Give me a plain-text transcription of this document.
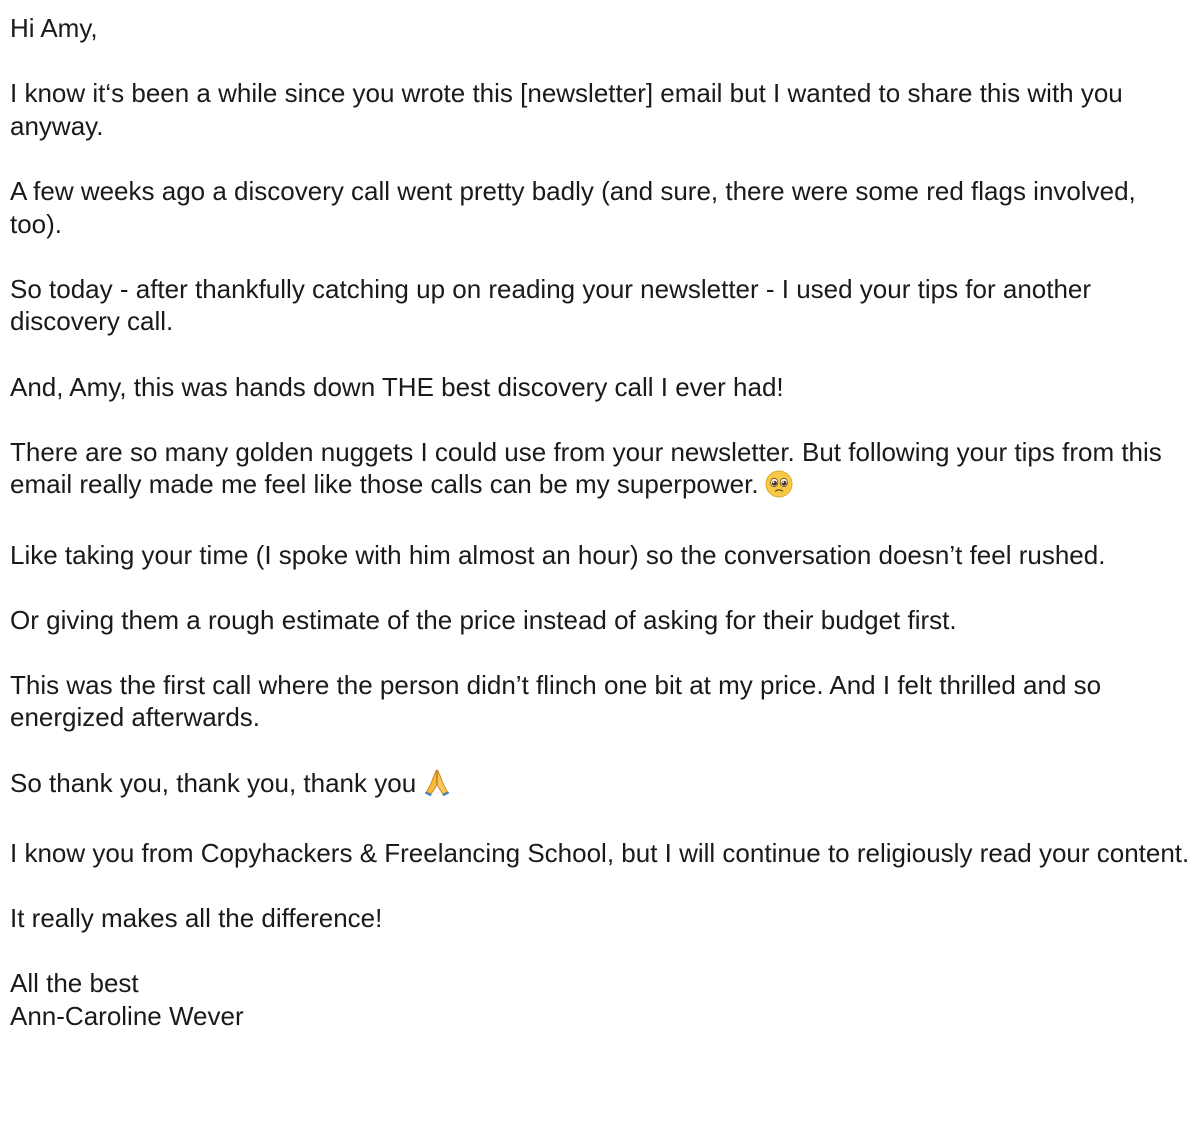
Hi Amy,

I know it‘s been a while since you wrote this [newsletter] email but I wanted to share this with you anyway.

A few weeks ago a discovery call went pretty badly (and sure, there were some red flags involved, too).

So today - after thankfully catching up on reading your newsletter - I used your tips for another discovery call.

And, Amy, this was hands down THE best discovery call I ever had!

There are so many golden nuggets I could use from your newsletter. But following your tips from this email really made me feel like those calls can be my superpower.

Like taking your time (I spoke with him almost an hour) so the conversation doesn’t feel rushed.

Or giving them a rough estimate of the price instead of asking for their budget first.

This was the first call where the person didn’t flinch one bit at my price. And I felt thrilled and so energized afterwards.

So thank you, thank you, thank you

I know you from Copyhackers & Freelancing School, but I will continue to religiously read your content.

It really makes all the difference!

All the best
Ann-Caroline Wever
